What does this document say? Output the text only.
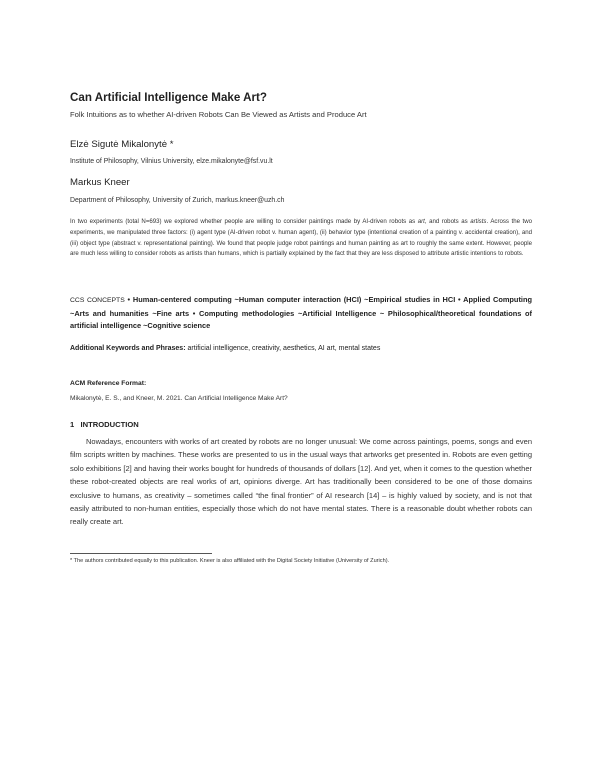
Can Artificial Intelligence Make Art?
Folk Intuitions as to whether AI-driven Robots Can Be Viewed as Artists and Produce Art
Elzė Sigutė Mikalonytė *
Institute of Philosophy, Vilnius University, elze.mikalonyte@fsf.vu.lt
Markus Kneer
Department of Philosophy, University of Zurich, markus.kneer@uzh.ch
In two experiments (total N=693) we explored whether people are willing to consider paintings made by AI-driven robots as art, and robots as artists. Across the two experiments, we manipulated three factors: (i) agent type (AI-driven robot v. human agent), (ii) behavior type (intentional creation of a painting v. accidental creation), and (iii) object type (abstract v. representational painting). We found that people judge robot paintings and human painting as art to roughly the same extent. However, people are much less willing to consider robots as artists than humans, which is partially explained by the fact that they are less disposed to attribute artistic intentions to robots.
CCS CONCEPTS • Human-centered computing ~Human computer interaction (HCI) ~Empirical studies in HCI • Applied Computing ~Arts and humanities ~Fine arts • Computing methodologies ~Artificial Intelligence ~ Philosophical/theoretical foundations of artificial intelligence ~Cognitive science
Additional Keywords and Phrases: artificial intelligence, creativity, aesthetics, AI art, mental states
ACM Reference Format:
Mikalonytė, E. S., and Kneer, M. 2021. Can Artificial Intelligence Make Art?
1   INTRODUCTION
Nowadays, encounters with works of art created by robots are no longer unusual: We come across paintings, poems, songs and even film scripts written by machines. These works are presented to us in the usual ways that artworks get presented in. Robots are even getting solo exhibitions [2] and having their works bought for hundreds of thousands of dollars [12]. And yet, when it comes to the question whether these robot-created objects are real works of art, opinions diverge. Art has traditionally been considered to be one of those domains exclusive to humans, as creativity – sometimes called “the final frontier” of AI research [14] – is highly valued by society, and is not that easily attributed to non-human entities, especially those which do not have mental states. There is a reasonable doubt whether robots can really create art.
* The authors contributed equally to this publication. Kneer is also affiliated with the Digital Society Initiative (University of Zurich).
